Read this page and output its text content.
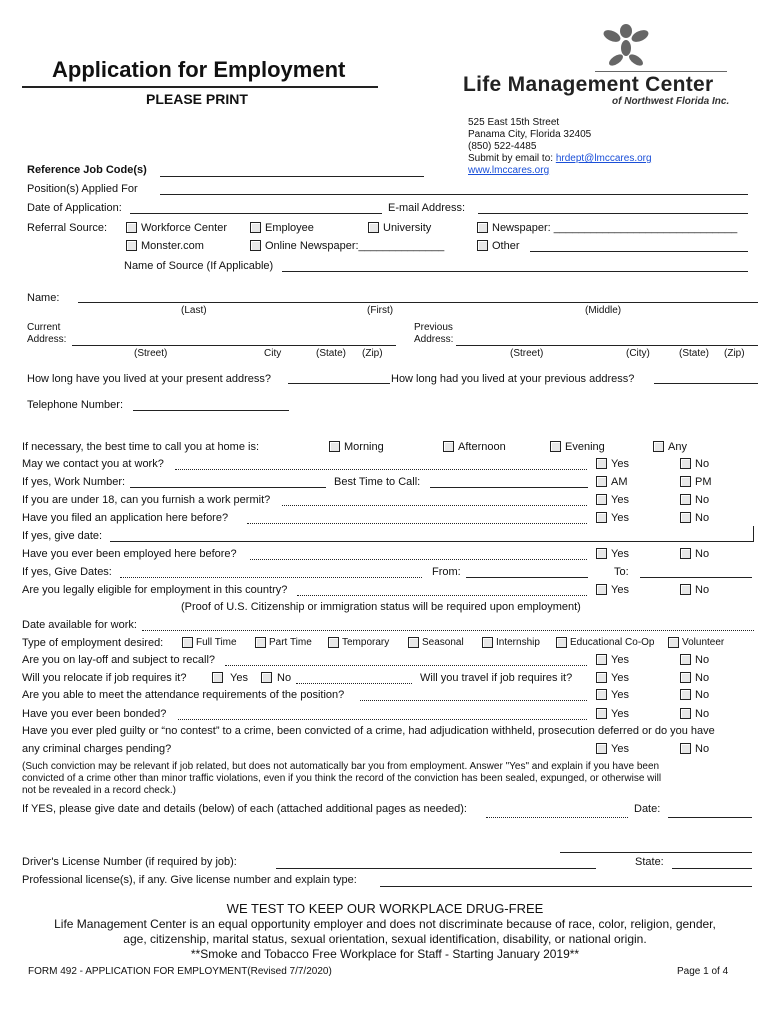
Application for Employment
PLEASE PRINT
Life Management Center
of Northwest Florida Inc.
525 East 15th Street
Panama City, Florida 32405
(850) 522-4485
Submit by email to: hrdept@lmccares.org
www.lmccares.org
Reference Job Code(s)
Position(s) Applied For
Date of Application:	E-mail Address:
Referral Source:	Workforce Center	Employee	University	Newspaper: ______________________________
Monster.com	Online Newspaper:______________	Other
Name of Source (If Applicable)
Name:
(Last)	(First)	(Middle)
Current
Address:
Previous
Address:
(Street)	City	(State) (Zip)	(Street)	(City)	(State) (Zip)
How long have you lived at your present address?	How long had you lived at your previous address?
Telephone Number:
If necessary, the best time to call you at home is:	Morning	Afternoon	Evening	Any
May we contact you at work?	Yes	No
If yes, Work Number:	Best Time to Call:	AM	PM
If you are under 18, can you furnish a work permit?	Yes	No
Have you filed an application here before?	Yes	No
If yes, give date:
Have you ever been employed here before?	Yes	No
If yes, Give Dates:	From:	To:
Are you legally eligible for employment in this country?	Yes	No
(Proof of U.S. Citizenship or immigration status will be required upon employment)
Date available for work:
Type of employment desired:	Full Time	Part Time	Temporary	Seasonal	Internship	Educational Co-Op	Volunteer
Are you on lay-off and subject to recall?	Yes	No
Will you relocate if job requires it?	Yes	No	Will you travel if job requires it?	Yes	No
Are you able to meet the attendance requirements of the position?	Yes	No
Have you ever been bonded?	Yes	No
Have you ever pled guilty or “no contest” to a crime, been convicted of a crime, had adjudication withheld, prosecution deferred or do you have
any criminal charges pending?	Yes	No
(Such conviction may be relevant if job related, but does not automatically bar you from employment. Answer "Yes" and explain if you have been
convicted of a crime other than minor traffic violations, even if you think the record of the conviction has been sealed, expunged, or otherwise will
not be revealed in a record check.)
If YES, please give date and details (below) of each (attached additional pages as needed):	Date:
Driver's License Number (if required by job):	State:
Professional license(s), if any. Give license number and explain type:
WE TEST TO KEEP OUR WORKPLACE DRUG-FREE
Life Management Center is an equal opportunity employer and does not discriminate because of race, color, religion, gender,
age, citizenship, marital status, sexual orientation, sexual identification, disability, or national origin.
**Smoke and Tobacco Free Workplace for Staff - Starting January 2019**
FORM 492 - APPLICATION FOR EMPLOYMENT(Revised 7/7/2020)	Page 1 of 4
